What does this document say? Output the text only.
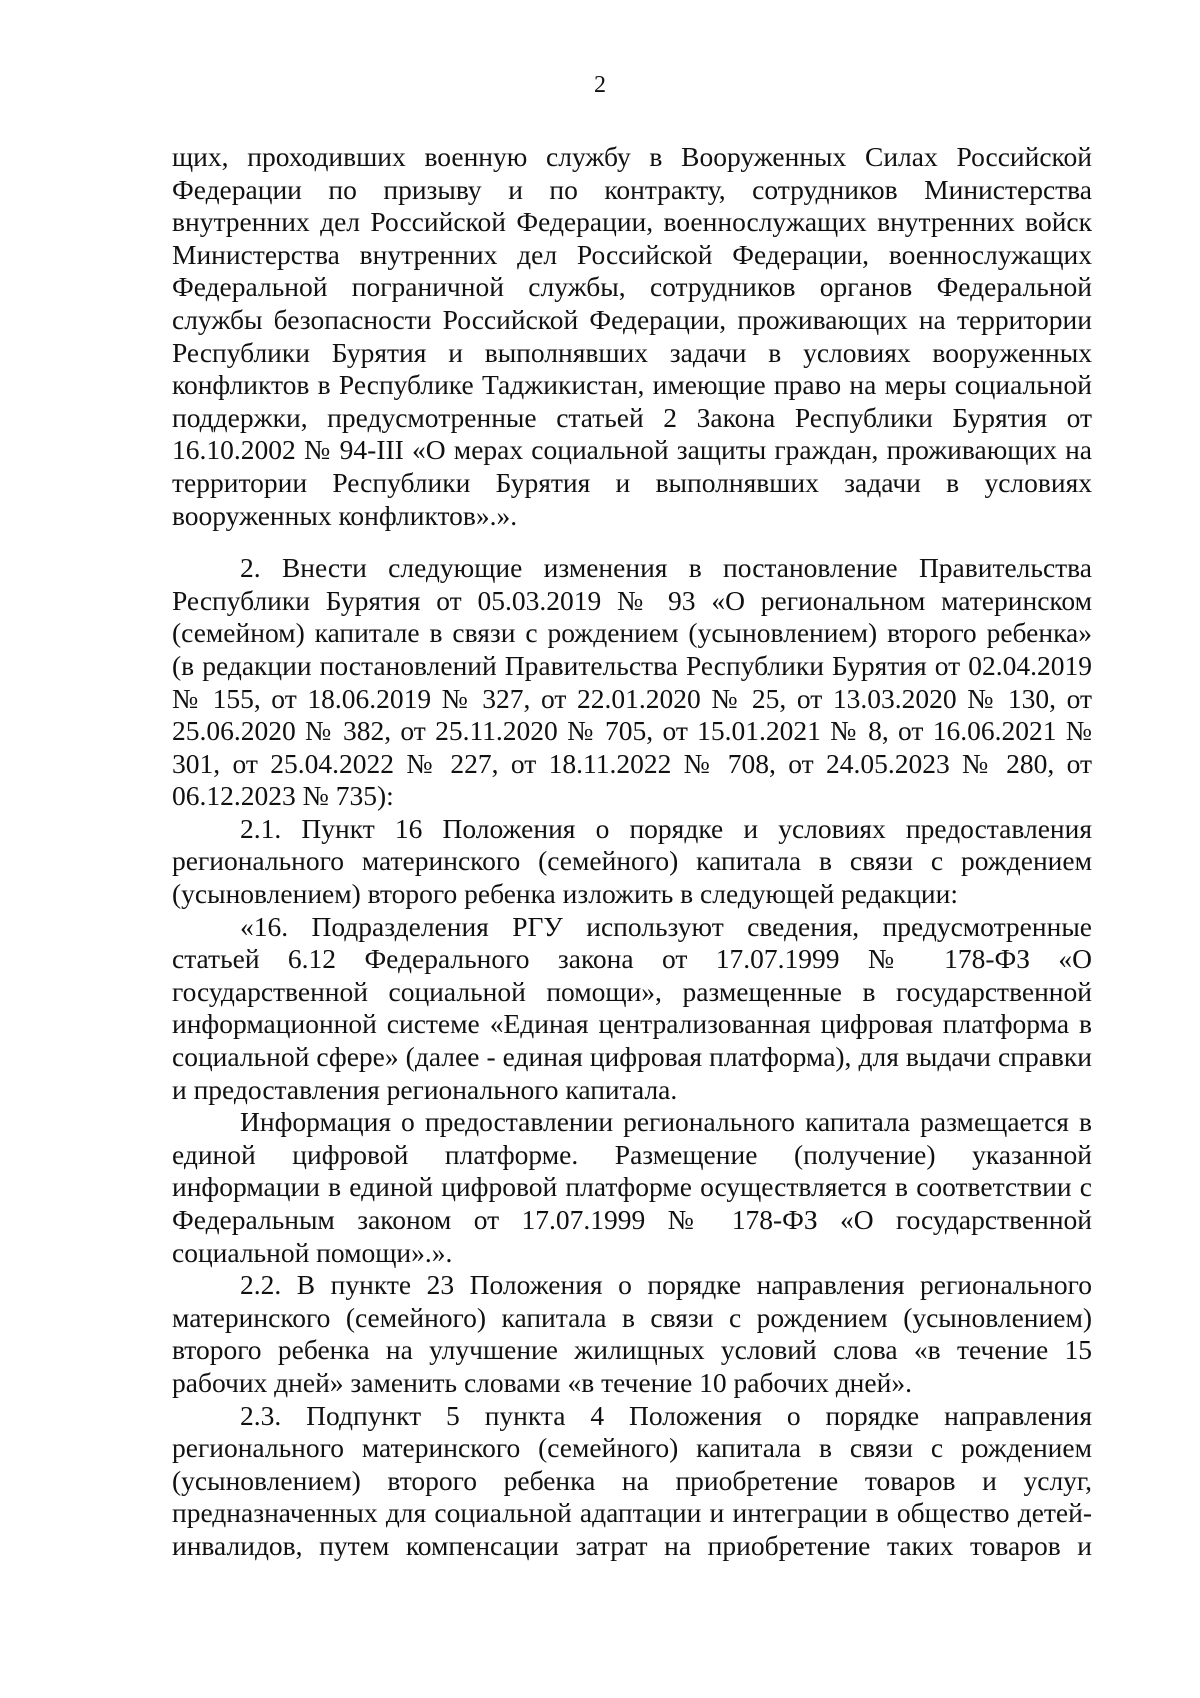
2

щих, проходивших военную службу в Вооруженных Силах Российской Федерации по призыву и по контракту, сотрудников Министерства внутренних дел Российской Федерации, военнослужащих внутренних войск Министерства внутренних дел Российской Федерации, военнослужащих Федеральной пограничной службы, сотрудников органов Федеральной службы безопасности Российской Федерации, проживающих на территории Республики Бурятия и выполнявших задачи в условиях вооруженных конфликтов в Республике Таджикистан, имеющие право на меры социальной поддержки, предусмотренные статьей 2 Закона Республики Бурятия от 16.10.2002 № 94-III «О мерах социальной защиты граждан, проживающих на территории Республики Бурятия и выполнявших задачи в условиях вооруженных конфликтов».».

2. Внести следующие изменения в постановление Правительства Республики Бурятия от 05.03.2019 № 93 «О региональном материнском (семейном) капитале в связи с рождением (усыновлением) второго ребенка» (в редакции постановлений Правительства Республики Бурятия от 02.04.2019 № 155, от 18.06.2019 № 327, от 22.01.2020 № 25, от 13.03.2020 № 130, от 25.06.2020 № 382, от 25.11.2020 № 705, от 15.01.2021 № 8, от 16.06.2021 № 301, от 25.04.2022 № 227, от 18.11.2022 № 708, от 24.05.2023 № 280, от 06.12.2023 № 735):

2.1. Пункт 16 Положения о порядке и условиях предоставления регионального материнского (семейного) капитала в связи с рождением (усыновлением) второго ребенка изложить в следующей редакции:

«16. Подразделения РГУ используют сведения, предусмотренные статьей 6.12 Федерального закона от 17.07.1999 № 178-ФЗ «О государственной социальной помощи», размещенные в государственной информационной системе «Единая централизованная цифровая платформа в социальной сфере» (далее - единая цифровая платформа), для выдачи справки и предоставления регионального капитала.

Информация о предоставлении регионального капитала размещается в единой цифровой платформе. Размещение (получение) указанной информации в единой цифровой платформе осуществляется в соответствии с Федеральным законом от 17.07.1999 № 178-ФЗ «О государственной социальной помощи».».

2.2. В пункте 23 Положения о порядке направления регионального материнского (семейного) капитала в связи с рождением (усыновлением) второго ребенка на улучшение жилищных условий слова «в течение 15 рабочих дней» заменить словами «в течение 10 рабочих дней».

2.3. Подпункт 5 пункта 4 Положения о порядке направления регионального материнского (семейного) капитала в связи с рождением (усыновлением) второго ребенка на приобретение товаров и услуг, предназначенных для социальной адаптации и интеграции в общество детей-инвалидов, путем компенсации затрат на приобретение таких товаров и
